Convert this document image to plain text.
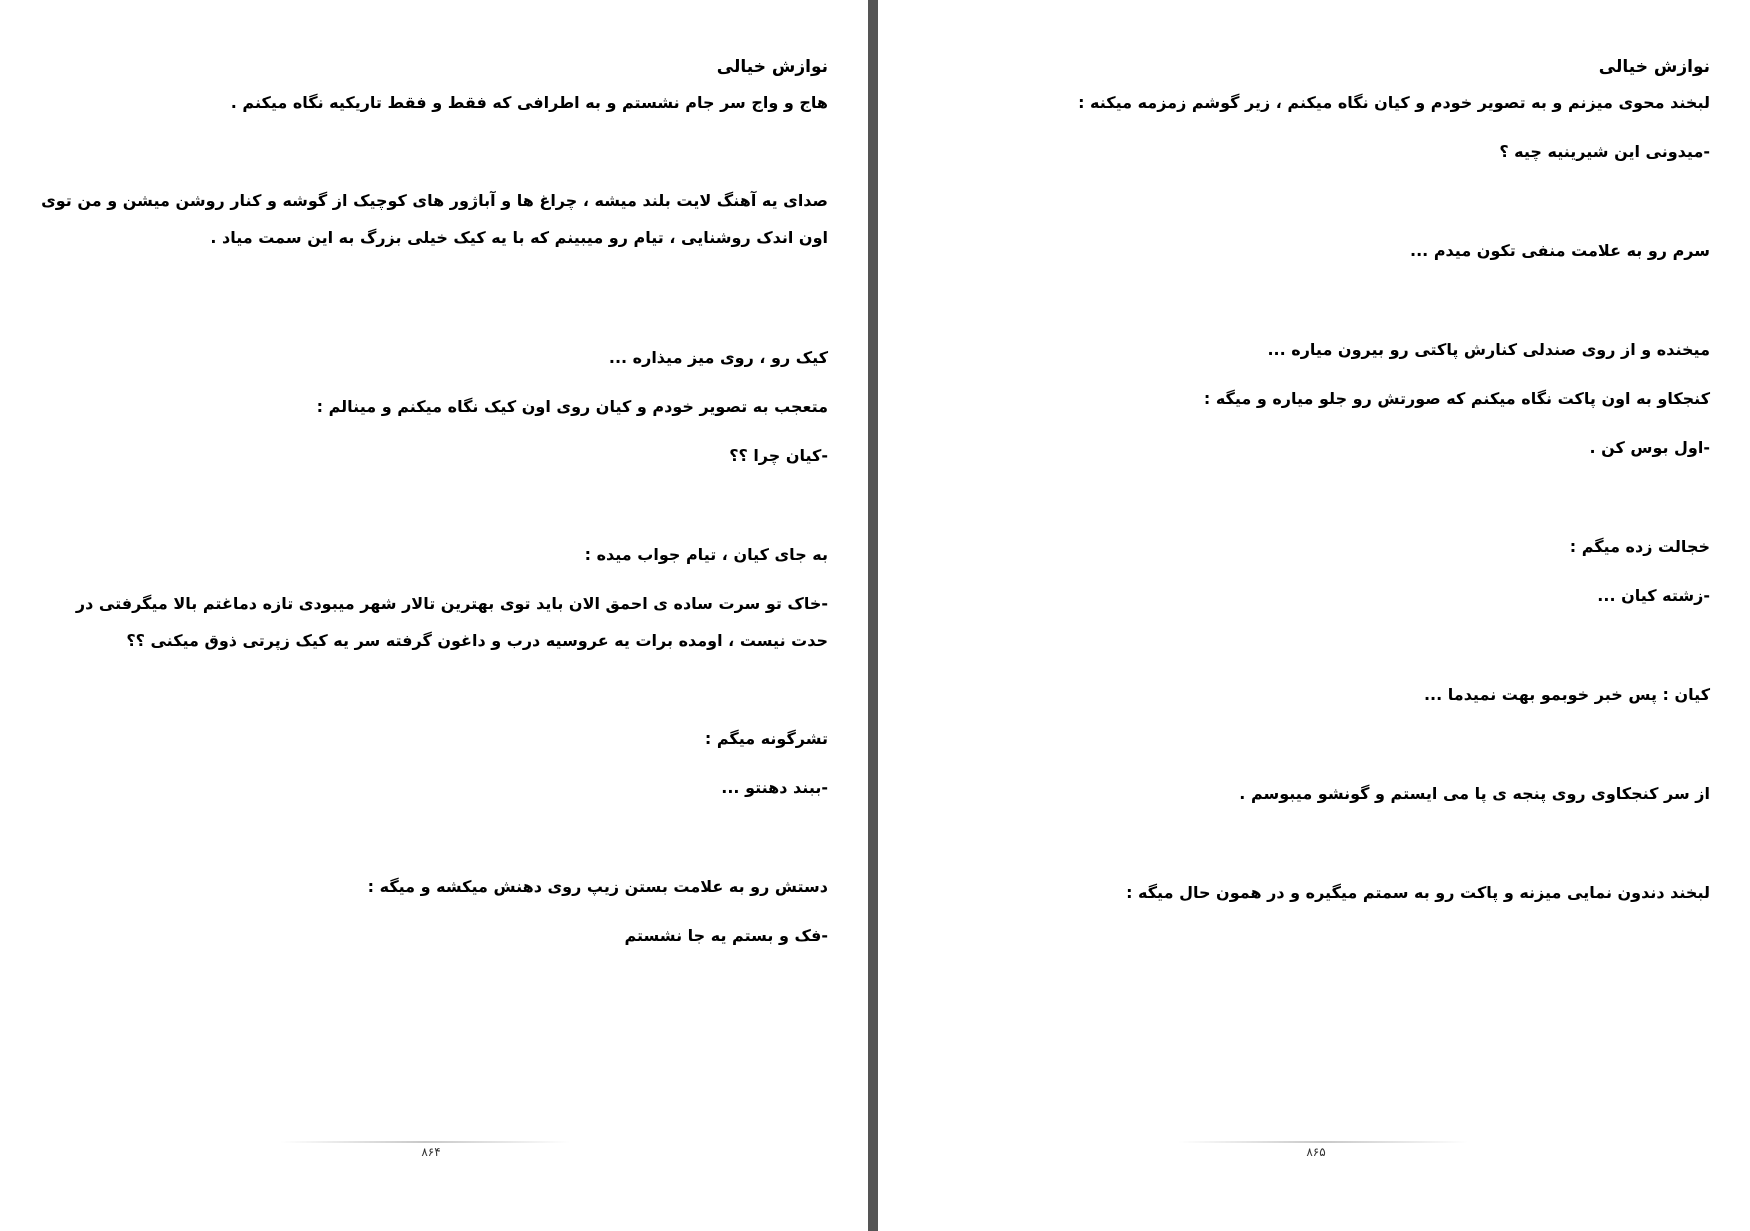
نوازش خیالی
هاج و واج سر جام نشستم و به اطرافی که فقط و فقط تاریکیه نگاه میکنم .
صدای یه آهنگ لایت بلند میشه ، چراغ ها و آباژور های کوچیک از گوشه و کنار روشن میشن و من توی اون اندک روشنایی ، تیام رو میبینم که با یه کیک خیلی بزرگ به این سمت میاد .
کیک رو ، روی میز میذاره ...
متعجب به تصویر خودم و کیان روی اون کیک نگاه میکنم و مینالم :
-کیان چرا ؟؟
به جای کیان ، تیام جواب میده :
-خاک تو سرت ساده ی احمق الان باید توی بهترین تالار شهر میبودی تازه دماغتم بالا میگرفتی در حدت نیست ، اومده برات یه عروسیه درب و داغون گرفته سر یه کیک زپرتی ذوق میکنی ؟؟
تشرگونه میگم :
-ببند دهنتو ...
دستش رو به علامت بستن زیپ روی دهنش میکشه و میگه :
-فک و بستم یه جا نشستم
۸۶۴
نوازش خیالی
لبخند محوی میزنم و به تصویر خودم و کیان نگاه میکنم ، زیر گوشم زمزمه میکنه :
-میدونی این شیرینیه چیه ؟
سرم رو به علامت منفی تکون میدم ...
میخنده و از روی صندلی کنارش پاکتی رو بیرون میاره ...
کنجکاو به اون پاکت نگاه میکنم که صورتش رو جلو میاره و میگه :
-اول بوس کن .
خجالت زده میگم :
-زشته کیان ...
کیان : پس خبر خوبمو بهت نمیدما ...
از سر کنجکاوی روی پنجه ی پا می ایستم و گونشو میبوسم .
لبخند دندون نمایی میزنه و پاکت رو به سمتم میگیره و در همون حال میگه :
۸۶۵
